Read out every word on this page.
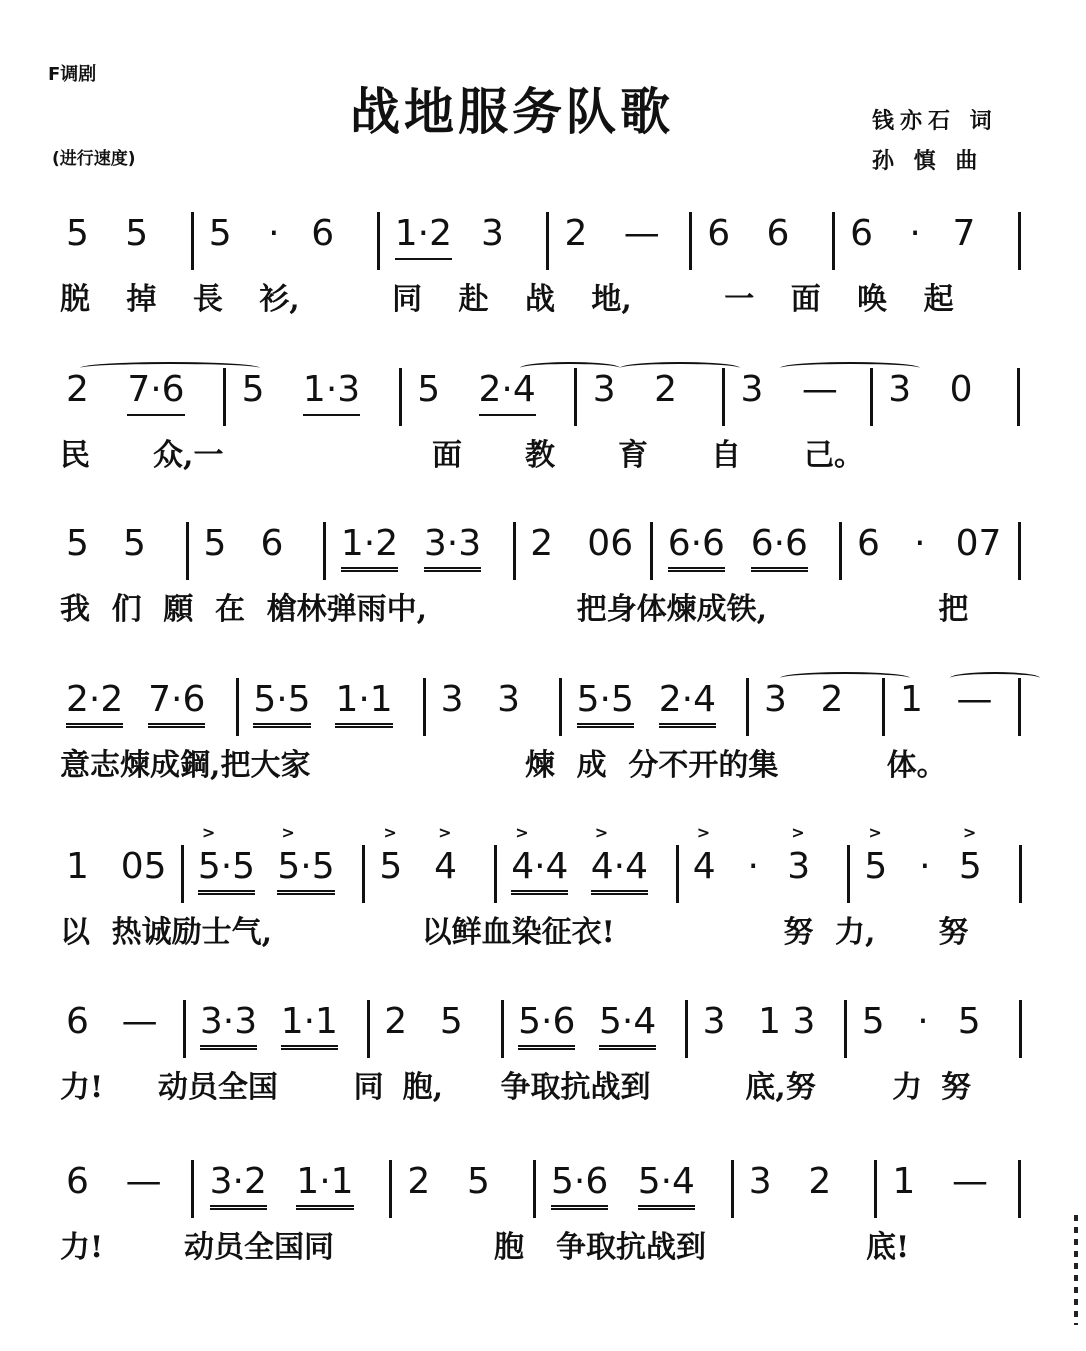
F调剧
战地服务队歌	钱亦石 词
孙 慎 曲
(进行速度)
5 5 5 · 6 1·2 3 2 — 6 6 6 · 7
脱 掉 長 衫,	同 赴 战 地,	一 面 唤 起
2 7·6 5 1·3 5 2·4 3 2 3 — 3 0
民 众,一	面 教 育 自 己。
5 5 5 6 1·2 3·3 2 06 6·6 6·6 6 · 07
我 们 願 在 槍林弹雨中,	把身体煉成铁,	把
2·2 7·6 5·5 1·1 3 3 5·5 2·4 3 2 1 —
意志煉成鋼,把大家	煉 成 分不开的集	体。
1 05 5·5
>
5·5
>
5
>
4
>
4·4
>
4·4
>
4
>
· 3
>
5
>
· 5
>
以 热诚励士气,	以鲜血染征衣!	努 力, 努
6 — 3·3 1·1 2 5 5·6 5·4 3 1 3 5 · 5
力! 动员全国	同 胞, 争取抗战到	底,努	力 努
6 — 3·2 1·1 2 5 5·6 5·4 3 2 1 —
力!	动员全国同	胞 争取抗战到	底!
